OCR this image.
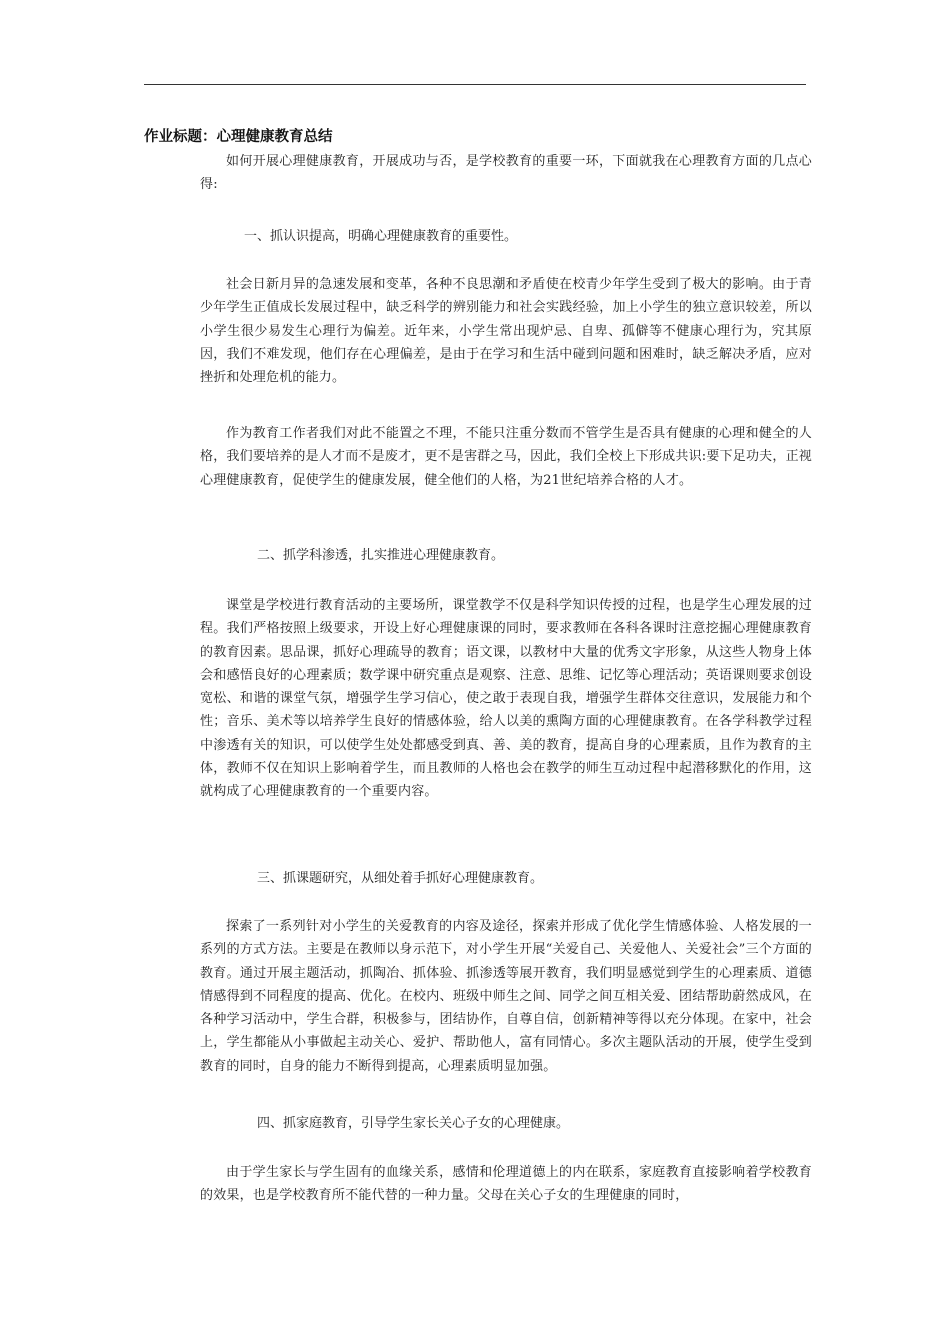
作业标题：心理健康教育总结
如何开展心理健康教育，开展成功与否，是学校教育的重要一环，下面就我在心理教育方面的几点心得:
一、抓认识提高，明确心理健康教育的重要性。
社会日新月异的急速发展和变革，各种不良思潮和矛盾使在校青少年学生受到了极大的影响。由于青少年学生正值成长发展过程中，缺乏科学的辨别能力和社会实践经验，加上小学生的独立意识较差，所以小学生很少易发生心理行为偏差。近年来，小学生常出现炉忌、自卑、孤僻等不健康心理行为，究其原因，我们不难发现，他们存在心理偏差，是由于在学习和生活中碰到问题和困难时，缺乏解决矛盾，应对挫折和处理危机的能力。
作为教育工作者我们对此不能置之不理，不能只注重分数而不管学生是否具有健康的心理和健全的人格，我们要培养的是人才而不是废才，更不是害群之马，因此，我们全校上下形成共识:要下足功夫，正视心理健康教育，促使学生的健康发展，健全他们的人格，为21世纪培养合格的人才。
二、抓学科渗透，扎实推进心理健康教育。
课堂是学校进行教育活动的主要场所，课堂教学不仅是科学知识传授的过程，也是学生心理发展的过程。我们严格按照上级要求，开设上好心理健康课的同时，要求教师在各科各课时注意挖掘心理健康教育的教育因素。思品课，抓好心理疏导的教育；语文课，以教材中大量的优秀文字形象，从这些人物身上体会和感悟良好的心理素质；数学课中研究重点是观察、注意、思维、记忆等心理活动；英语课则要求创设宽松、和谐的课堂气氛，增强学生学习信心，使之敢于表现自我，增强学生群体交往意识，发展能力和个性；音乐、美术等以培养学生良好的情感体验，给人以美的熏陶方面的心理健康教育。在各学科教学过程中渗透有关的知识，可以使学生处处都感受到真、善、美的教育，提高自身的心理素质，且作为教育的主体，教师不仅在知识上影响着学生，而且教师的人格也会在教学的师生互动过程中起潜移默化的作用，这就构成了心理健康教育的一个重要内容。
三、抓课题研究，从细处着手抓好心理健康教育。
探索了一系列针对小学生的关爱教育的内容及途径，探索并形成了优化学生情感体验、人格发展的一系列的方式方法。主要是在教师以身示范下，对小学生开展“关爱自己、关爱他人、关爱社会”三个方面的教育。通过开展主题活动，抓陶冶、抓体验、抓渗透等展开教育，我们明显感觉到学生的心理素质、道德情感得到不同程度的提高、优化。在校内、班级中师生之间、同学之间互相关爱、团结帮助蔚然成风，在各种学习活动中，学生合群，积极参与，团结协作，自尊自信，创新精神等得以充分体现。在家中，社会上，学生都能从小事做起主动关心、爱护、帮助他人，富有同情心。多次主题队活动的开展，使学生受到教育的同时，自身的能力不断得到提高，心理素质明显加强。
四、抓家庭教育，引导学生家长关心子女的心理健康。
由于学生家长与学生固有的血缘关系，感情和伦理道德上的内在联系，家庭教育直接影响着学校教育的效果，也是学校教育所不能代替的一种力量。父母在关心子女的生理健康的同时，
